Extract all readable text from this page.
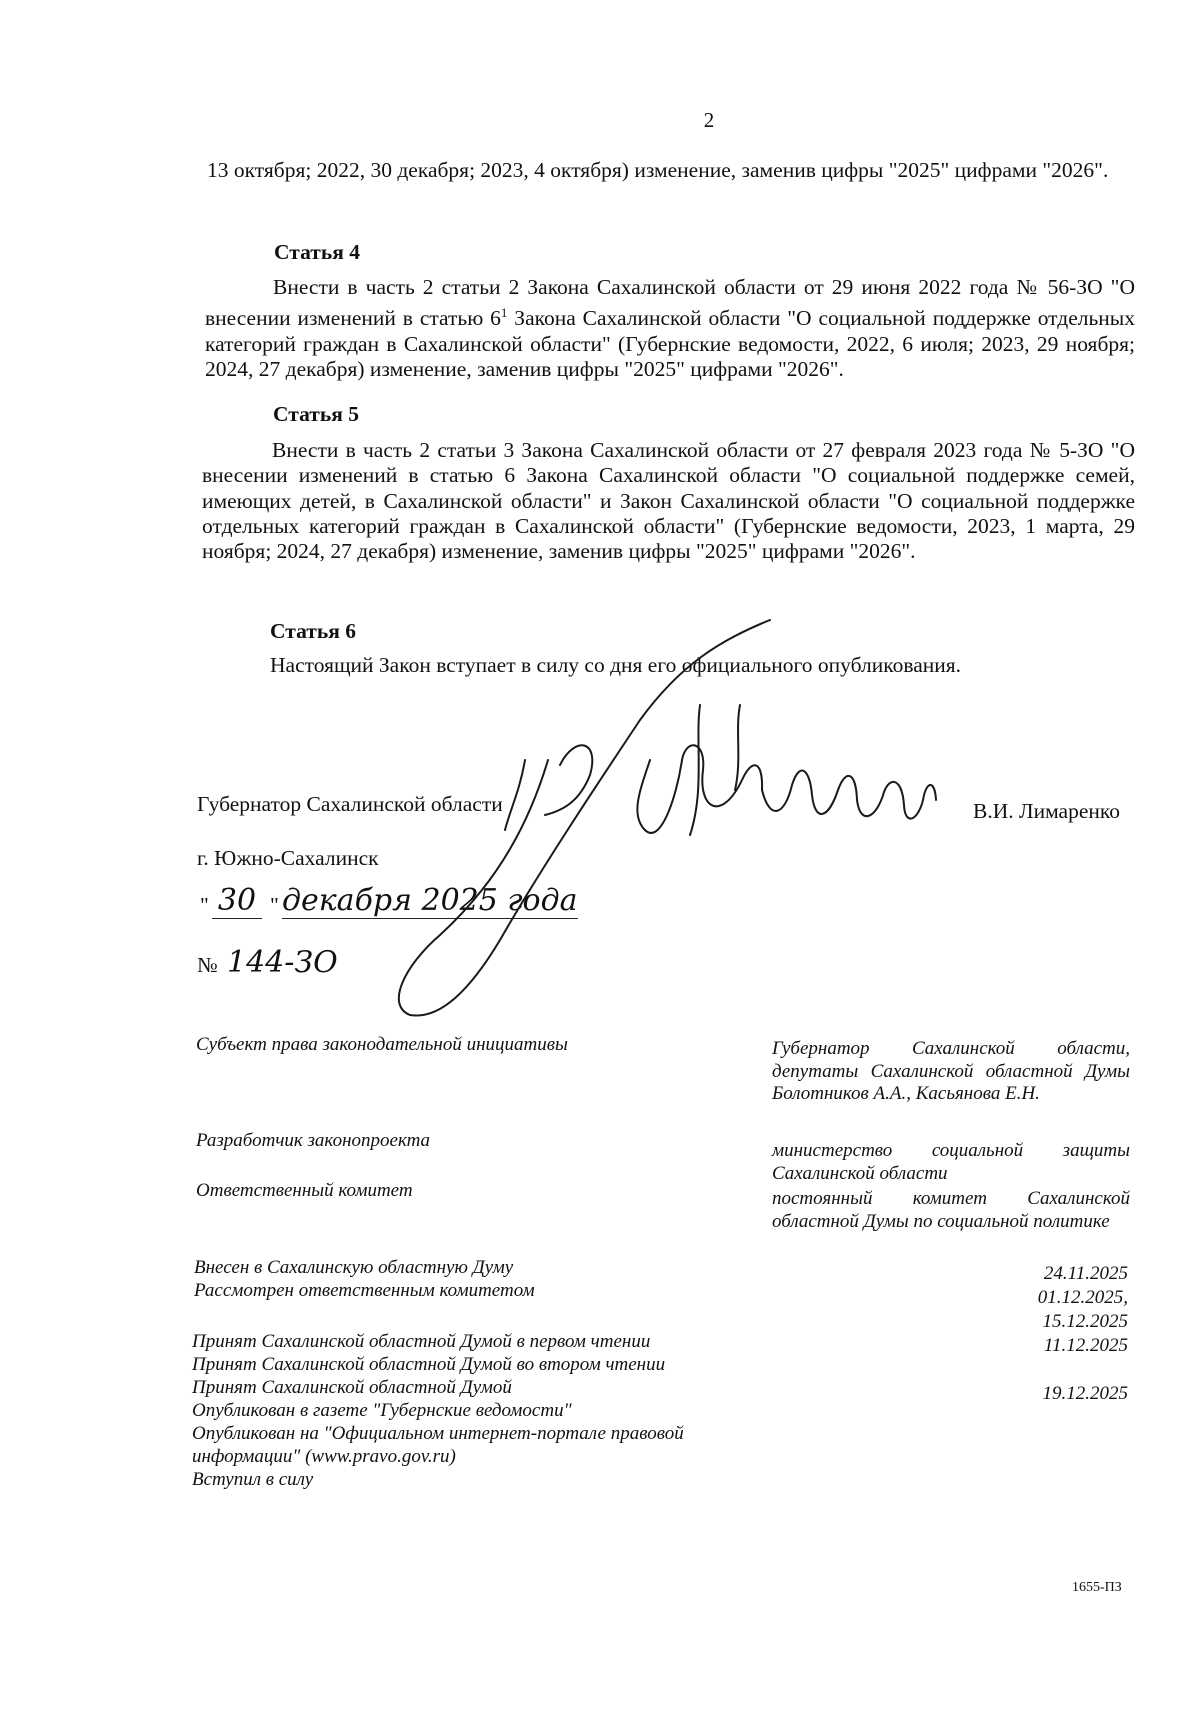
2

13 октября; 2022, 30 декабря; 2023, 4 октября) изменение, заменив цифры "2025" цифрами "2026".

Статья 4

Внести в часть 2 статьи 2 Закона Сахалинской области от 29 июня 2022 года № 56-ЗО "О внесении изменений в статью $6^1$ Закона Сахалинской области "О социальной поддержке отдельных категорий граждан в Сахалинской области" (Губернские ведомости, 2022, 6 июля; 2023, 29 ноября; 2024, 27 декабря) изменение, заменив цифры "2025" цифрами "2026".

Статья 5

Внести в часть 2 статьи 3 Закона Сахалинской области от 27 февраля 2023 года № 5-ЗО "О внесении изменений в статью 6 Закона Сахалинской области "О социальной поддержке семей, имеющих детей, в Сахалинской области" и Закон Сахалинской области "О социальной поддержке отдельных категорий граждан в Сахалинской области" (Губернские ведомости, 2023, 1 марта, 29 ноября; 2024, 27 декабря) изменение, заменив цифры "2025" цифрами "2026".

Статья 6

Настоящий Закон вступает в силу со дня его официального опубликования.

Губернатор Сахалинской области	В.И. Лимаренко
г. Южно-Сахалинск
" 30 " декабря 2025 года
№ 144-ЗО
Субъект права законодательной инициативы
Разработчик законопроекта
Ответственный комитет
Внесен в Сахалинскую областную Думу
Рассмотрен ответственным комитетом
Принят Сахалинской областной Думой в первом чтении
Принят Сахалинской областной Думой во втором чтении
Принят Сахалинской областной Думой
Опубликован в газете "Губернские ведомости"
Опубликован на "Официальном интернет-портале правовой информации" (www.pravo.gov.ru)
Вступил в силу
Губернатор Сахалинской области, депутаты Сахалинской областной Думы Болотников А.А., Касьянова Е.Н.
министерство социальной защиты Сахалинской области
постоянный комитет Сахалинской областной Думы по социальной политике
24.11.2025
01.12.2025,
15.12.2025
11.12.2025
19.12.2025
1655-ПЗ
